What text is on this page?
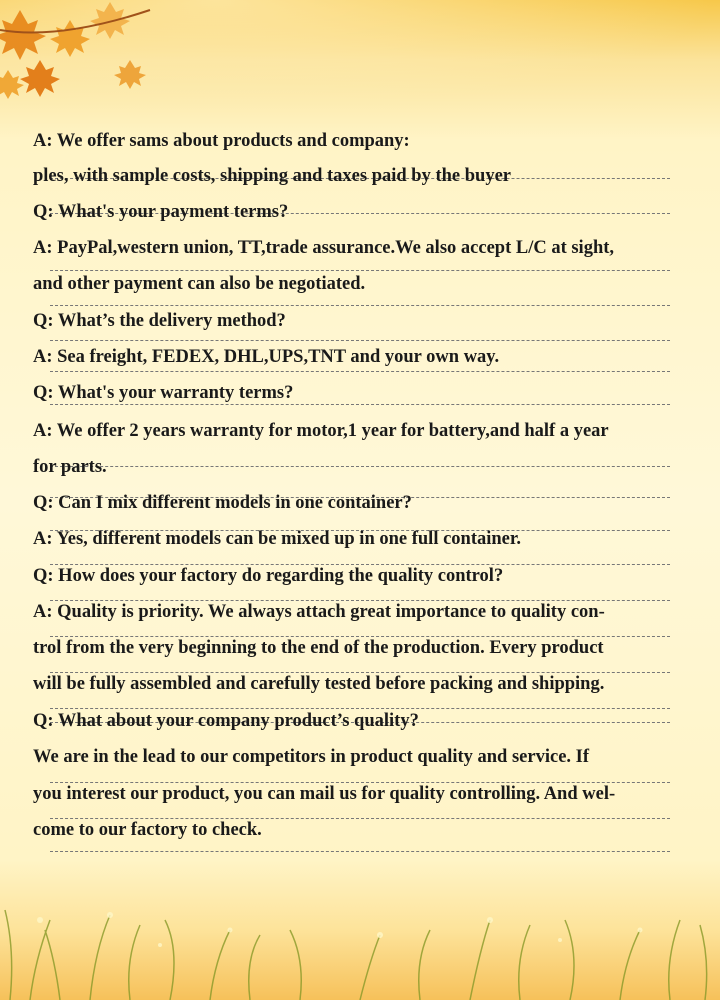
A: We offer sams about products and company:
ples, with sample costs, shipping and taxes paid by the buyer
Q: What's your payment terms?
A: PayPal,western union, TT,trade assurance.We also accept L/C at sight,
and other payment can also be negotiated.
Q: What’s the delivery method?
A: Sea freight, FEDEX, DHL,UPS,TNT and your own way.
Q: What's your warranty terms?
A: We offer 2 years warranty for motor,1 year for battery,and half a year
for parts.
Q: Can I mix different models in one container?
A: Yes, different models can be mixed up in one full container.
Q: How does your factory do regarding the quality control?
A: Quality is priority. We always attach great importance to quality con-
trol from the very beginning to the end of the production. Every product
will be fully assembled and carefully tested before packing and shipping.
Q: What about your company product’s quality?
We are in the lead to our competitors in product quality and service. If
you interest our product, you can mail us for quality controlling. And wel-
come to our factory to check.
